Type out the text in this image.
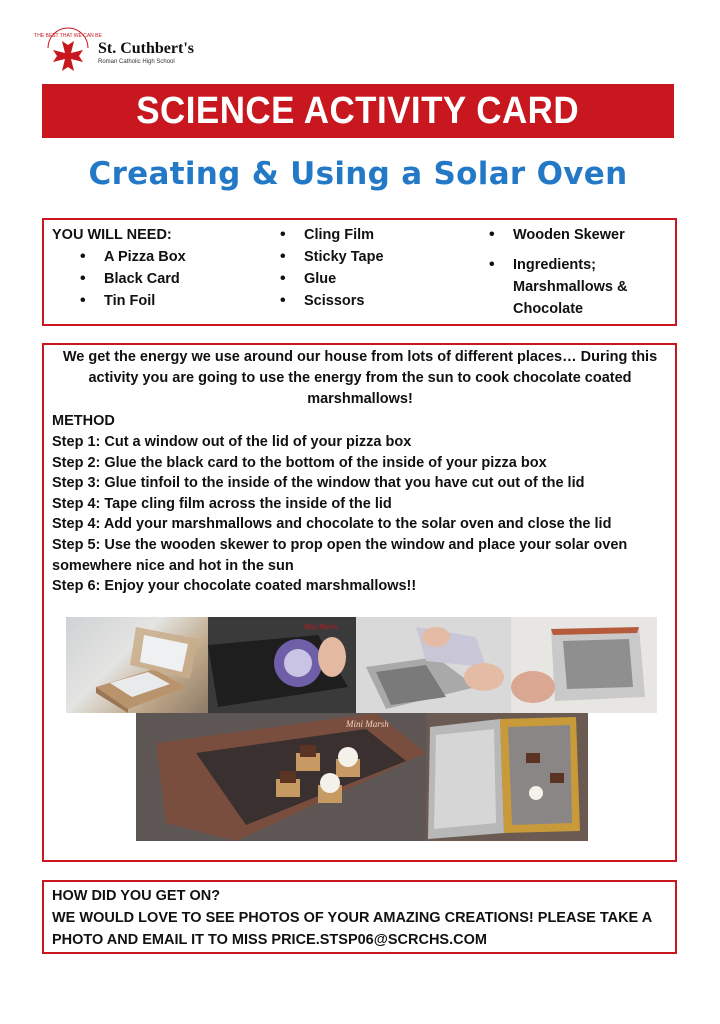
THE BEST THAT WE CAN BE
St. Cuthbert's
Roman Catholic High School
SCIENCE ACTIVITY CARD
Creating & Using a Solar Oven
YOU WILL NEED:
• A Pizza Box
• Black Card
• Tin Foil
• Cling Film
• Sticky Tape
• Glue
• Scissors
• Wooden Skewer
• Ingredients; Marshmallows & Chocolate
We get the energy we use around our house from lots of different places… During this activity you are going to use the energy from the sun to cook chocolate coated marshmallows!
METHOD
Step 1: Cut a window out of the lid of your pizza box
Step 2: Glue the black card to the bottom of the inside of your pizza box
Step 3: Glue tinfoil to the inside of the window that you have cut out of the lid
Step 4: Tape cling film across the inside of the lid
Step 4: Add your marshmallows and chocolate to the solar oven and close the lid
Step 5: Use the wooden skewer to prop open the window and place your solar oven somewhere nice and hot in the sun
Step 6: Enjoy your chocolate coated marshmallows!!
Mini Marsh
Mini Marsh
HOW DID YOU GET ON?
WE WOULD LOVE TO SEE PHOTOS OF YOUR AMAZING CREATIONS! PLEASE TAKE A PHOTO AND EMAIL IT TO MISS PRICE.STSP06@SCRCHS.COM
